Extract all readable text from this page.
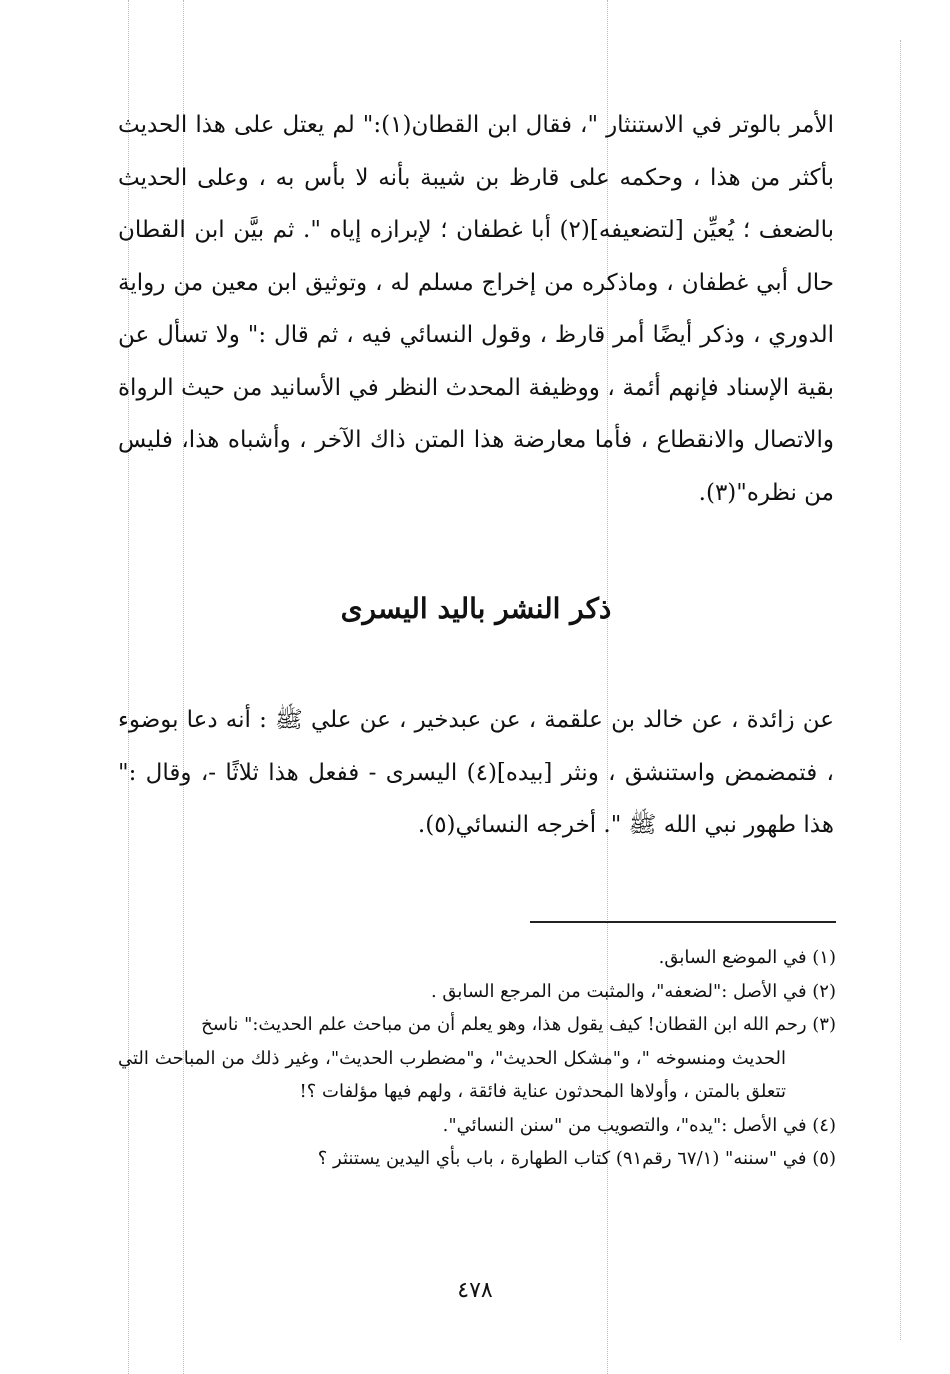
الأمر بالوتر في الاستنثار "، فقال ابن القطان(١):" لم يعتل على هذا الحديث بأكثر من هذا ، وحكمه على قارظ بن شيبة بأنه لا بأس به ، وعلى الحديث بالضعف ؛ يُعيِّن [لتضعيفه](٢) أبا غطفان ؛ لإبرازه إياه ". ثم بيَّن ابن القطان حال أبي غطفان ، وماذكره من إخراج مسلم له ، وتوثيق ابن معين من رواية الدوري ، وذكر أيضًا أمر قارظ ، وقول النسائي فيه ، ثم قال :" ولا تسأل عن بقية الإسناد فإنهم أئمة ، ووظيفة المحدث النظر في الأسانيد من حيث الرواة والاتصال والانقطاع ، فأما معارضة هذا المتن ذاك الآخر ، وأشباه هذا، فليس من نظره"(٣).

ذكر النشر باليد اليسرى

عن زائدة ، عن خالد بن علقمة ، عن عبدخير ، عن علي ﷺ : أنه دعا بوضوء ، فتمضمض واستنشق ، ونثر [بيده](٤) اليسرى - ففعل هذا ثلاثًا -، وقال :" هذا طهور نبي الله ﷺ ". أخرجه النسائي(٥).

(١) في الموضع السابق.

(٢) في الأصل :"لضعفه"، والمثبت من المرجع السابق .

(٣) رحم الله ابن القطان! كيف يقول هذا، وهو يعلم أن من مباحث علم الحديث:" ناسخ
الحديث ومنسوخه "، و"مشكل الحديث"، و"مضطرب الحديث"، وغير ذلك من المباحث التي تتعلق بالمتن ، وأولاها المحدثون عناية فائقة ، ولهم فيها مؤلفات ؟!

(٤) في الأصل :"يده"، والتصويب من "سنن النسائي".

(٥) في "سننه" (٦٧/١ رقم٩١) كتاب الطهارة ، باب بأي اليدين يستنثر ؟

٤٧٨
